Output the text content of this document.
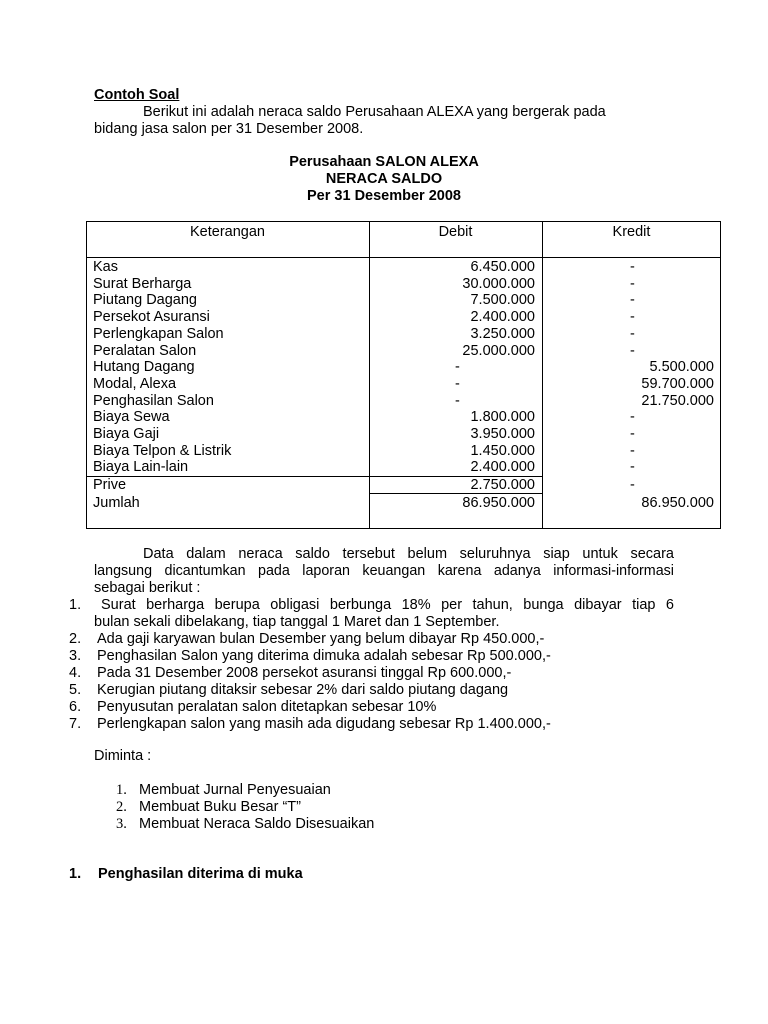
Contoh Soal
Berikut ini adalah neraca saldo Perusahaan ALEXA yang bergerak pada
bidang jasa salon per 31 Desember 2008.
Perusahaan SALON ALEXA
NERACA SALDO
Per 31 Desember 2008
Keterangan	Debit	Kredit
Kas	6.450.000	-
Surat Berharga	30.000.000	-
Piutang Dagang	7.500.000	-
Persekot Asuransi	2.400.000	-
Perlengkapan Salon	3.250.000	-
Peralatan Salon	25.000.000	-
Hutang Dagang	-	5.500.000
Modal, Alexa	-	59.700.000
Penghasilan Salon	-	21.750.000
Biaya Sewa	1.800.000	-
Biaya Gaji	3.950.000	-
Biaya Telpon & Listrik	1.450.000	-
Biaya Lain-lain	2.400.000	-
Prive	2.750.000	-
Jumlah	86.950.000	86.950.000
Data dalam neraca saldo tersebut belum seluruhnya siap untuk secara
langsung dicantumkan pada laporan keuangan karena adanya informasi-informasi
sebagai berikut :
1. Surat berharga berupa obligasi berbunga 18% per tahun, bunga dibayar tiap 6
bulan sekali dibelakang, tiap tanggal 1 Maret dan 1 September.
2. Ada gaji karyawan bulan Desember yang belum dibayar Rp 450.000,-
3. Penghasilan Salon yang diterima dimuka adalah sebesar Rp 500.000,-
4. Pada 31 Desember 2008 persekot asuransi tinggal Rp 600.000,-
5. Kerugian piutang ditaksir sebesar 2% dari saldo piutang dagang
6. Penyusutan peralatan salon ditetapkan sebesar 10%
7. Perlengkapan salon yang masih ada digudang sebesar Rp 1.400.000,-
Diminta :
1. Membuat Jurnal Penyesuaian
2. Membuat Buku Besar “T”
3. Membuat Neraca Saldo Disesuaikan
1. Penghasilan diterima di muka
